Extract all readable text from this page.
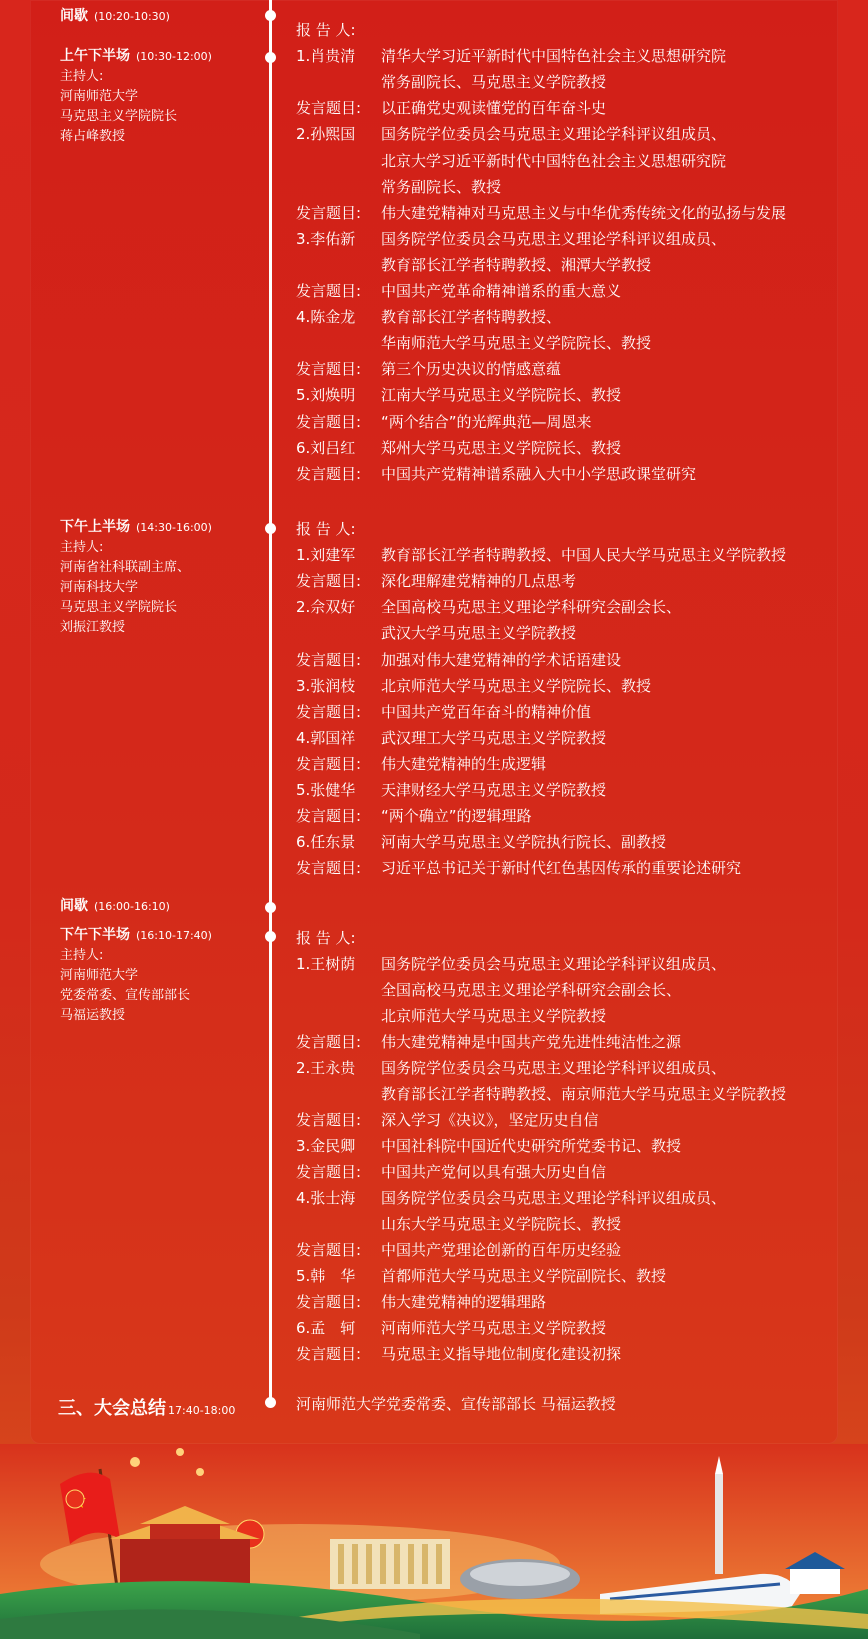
间歇 (10:20-10:30)
上午下半场 (10:30-12:00)
主持人:
河南师范大学
马克思主义学院院长
蒋占峰教授
报 告 人:
1.肖贵清 清华大学习近平新时代中国特色社会主义思想研究院
常务副院长、马克思主义学院教授
发言题目: 以正确党史观读懂党的百年奋斗史
2.孙熙国 国务院学位委员会马克思主义理论学科评议组成员、
北京大学习近平新时代中国特色社会主义思想研究院
常务副院长、教授
发言题目: 伟大建党精神对马克思主义与中华优秀传统文化的弘扬与发展
3.李佑新 国务院学位委员会马克思主义理论学科评议组成员、
教育部长江学者特聘教授、湘潭大学教授
发言题目: 中国共产党革命精神谱系的重大意义
4.陈金龙 教育部长江学者特聘教授、
华南师范大学马克思主义学院院长、教授
发言题目: 第三个历史决议的情感意蕴
5.刘焕明 江南大学马克思主义学院院长、教授
发言题目: “两个结合”的光辉典范—周恩来
6.刘吕红 郑州大学马克思主义学院院长、教授
发言题目: 中国共产党精神谱系融入大中小学思政课堂研究
下午上半场 (14:30-16:00)
主持人:
河南省社科联副主席、
河南科技大学
马克思主义学院院长
刘振江教授
报 告 人:
1.刘建军 教育部长江学者特聘教授、中国人民大学马克思主义学院教授
发言题目: 深化理解建党精神的几点思考
2.佘双好 全国高校马克思主义理论学科研究会副会长、
武汉大学马克思主义学院教授
发言题目: 加强对伟大建党精神的学术话语建设
3.张润枝 北京师范大学马克思主义学院院长、教授
发言题目: 中国共产党百年奋斗的精神价值
4.郭国祥 武汉理工大学马克思主义学院教授
发言题目: 伟大建党精神的生成逻辑
5.张健华 天津财经大学马克思主义学院教授
发言题目: “两个确立”的逻辑理路
6.任东景 河南大学马克思主义学院执行院长、副教授
发言题目: 习近平总书记关于新时代红色基因传承的重要论述研究
间歇 (16:00-16:10)
下午下半场 (16:10-17:40)
主持人:
河南师范大学
党委常委、宣传部部长
马福运教授
报 告 人:
1.王树荫 国务院学位委员会马克思主义理论学科评议组成员、
全国高校马克思主义理论学科研究会副会长、
北京师范大学马克思主义学院教授
发言题目: 伟大建党精神是中国共产党先进性纯洁性之源
2.王永贵 国务院学位委员会马克思主义理论学科评议组成员、
教育部长江学者特聘教授、南京师范大学马克思主义学院教授
发言题目: 深入学习《决议》，坚定历史自信
3.金民卿 中国社科院中国近代史研究所党委书记、教授
发言题目: 中国共产党何以具有强大历史自信
4.张士海 国务院学位委员会马克思主义理论学科评议组成员、
山东大学马克思主义学院院长、教授
发言题目: 中国共产党理论创新的百年历史经验
5.韩　华 首都师范大学马克思主义学院副院长、教授
发言题目: 伟大建党精神的逻辑理路
6.孟　轲 河南师范大学马克思主义学院教授
发言题目: 马克思主义指导地位制度化建设初探
三、大会总结 17:40-18:00	河南师范大学党委常委、宣传部部长 马福运教授
